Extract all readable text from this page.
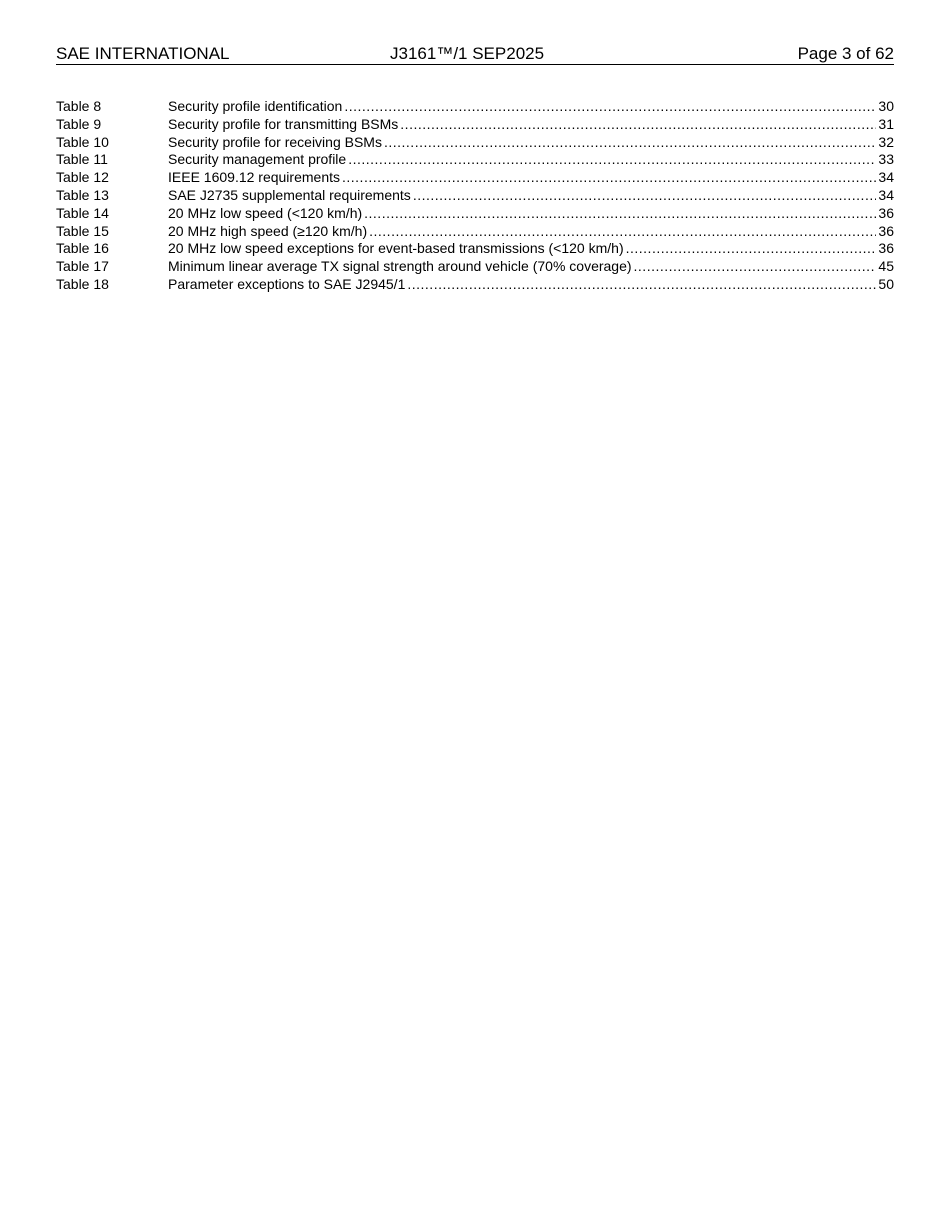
SAE INTERNATIONAL	J3161™/1 SEP2025	Page 3 of 62
Table 8	Security profile identification .....	30
Table 9	Security profile for transmitting BSMs .....	31
Table 10	Security profile for receiving BSMs .....	32
Table 11	Security management profile .....	33
Table 12	IEEE 1609.12 requirements .....	34
Table 13	SAE J2735 supplemental requirements .....	34
Table 14	20 MHz low speed (<120 km/h) .....	36
Table 15	20 MHz high speed (≥120 km/h) .....	36
Table 16	20 MHz low speed exceptions for event-based transmissions (<120 km/h) .....	36
Table 17	Minimum linear average TX signal strength around vehicle (70% coverage) .....	45
Table 18	Parameter exceptions to SAE J2945/1 .....	50
